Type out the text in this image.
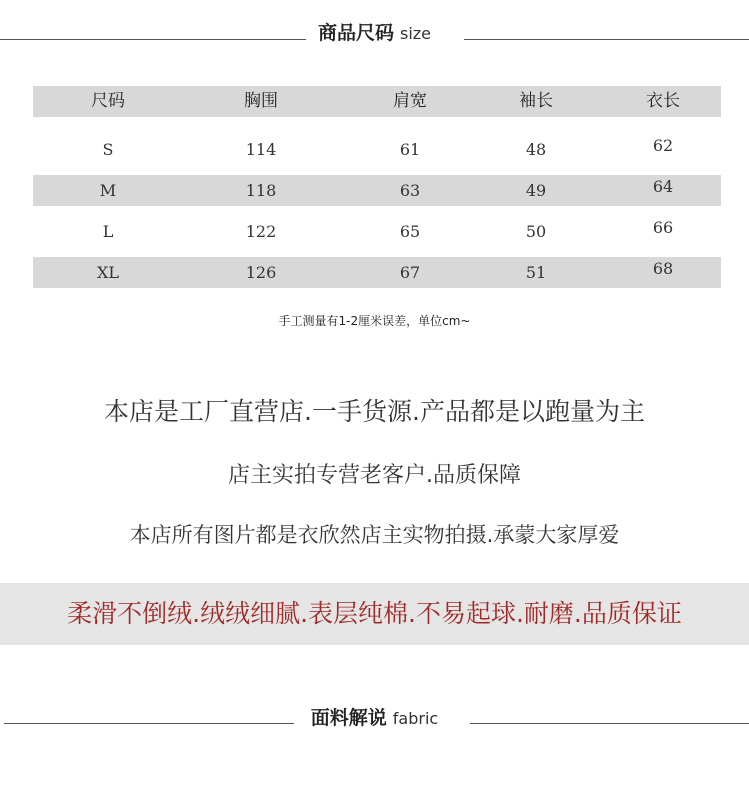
商品尺码 size
尺码	胸围	肩宽	袖长	衣长
S	114	61	48	62
M	118	63	49	64
L	122	65	50	66
XL	126	67	51	68
手工测量有1-2厘米误差，单位cm~
本店是工厂直营店.一手货源.产品都是以跑量为主
店主实拍专营老客户.品质保障
本店所有图片都是衣欣然店主实物拍摄.承蒙大家厚爱
柔滑不倒绒.绒绒细腻.表层纯棉.不易起球.耐磨.品质保证
面料解说 fabric
